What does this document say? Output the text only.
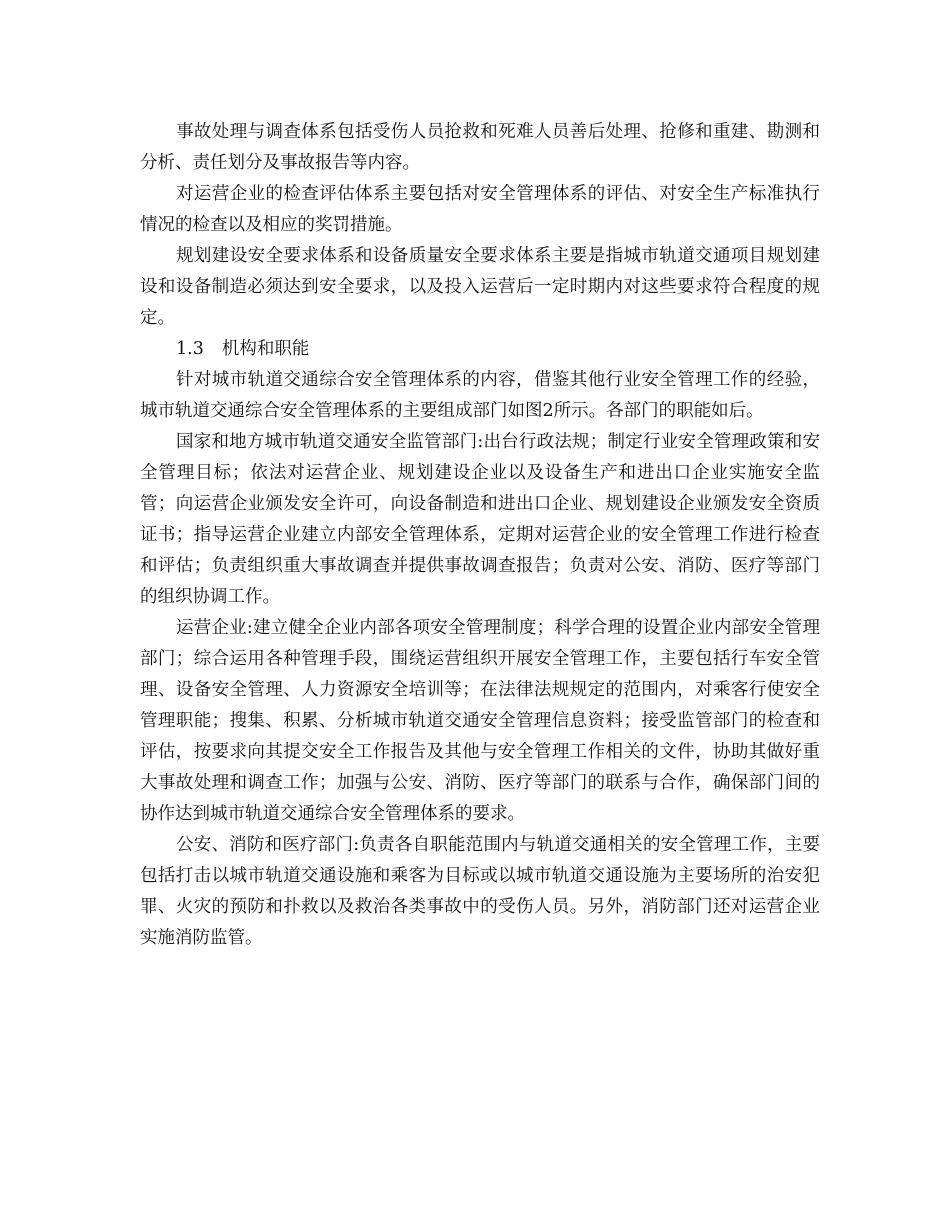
事故处理与调查体系包括受伤人员抢救和死难人员善后处理、抢修和重建、勘测和分析、责任划分及事故报告等内容。

对运营企业的检查评估体系主要包括对安全管理体系的评估、对安全生产标准执行情况的检查以及相应的奖罚措施。

规划建设安全要求体系和设备质量安全要求体系主要是指城市轨道交通项目规划建设和设备制造必须达到安全要求，以及投入运营后一定时期内对这些要求符合程度的规定。

1.3 机构和职能

针对城市轨道交通综合安全管理体系的内容，借鉴其他行业安全管理工作的经验，城市轨道交通综合安全管理体系的主要组成部门如图2所示。各部门的职能如后。

国家和地方城市轨道交通安全监管部门:出台行政法规；制定行业安全管理政策和安全管理目标；依法对运营企业、规划建设企业以及设备生产和进出口企业实施安全监管；向运营企业颁发安全许可，向设备制造和进出口企业、规划建设企业颁发安全资质证书；指导运营企业建立内部安全管理体系，定期对运营企业的安全管理工作进行检查和评估；负责组织重大事故调查并提供事故调查报告；负责对公安、消防、医疗等部门的组织协调工作。

运营企业:建立健全企业内部各项安全管理制度；科学合理的设置企业内部安全管理部门；综合运用各种管理手段，围绕运营组织开展安全管理工作，主要包括行车安全管理、设备安全管理、人力资源安全培训等；在法律法规规定的范围内，对乘客行使安全管理职能；搜集、积累、分析城市轨道交通安全管理信息资料；接受监管部门的检查和评估，按要求向其提交安全工作报告及其他与安全管理工作相关的文件，协助其做好重大事故处理和调查工作；加强与公安、消防、医疗等部门的联系与合作，确保部门间的协作达到城市轨道交通综合安全管理体系的要求。

公安、消防和医疗部门:负责各自职能范围内与轨道交通相关的安全管理工作，主要包括打击以城市轨道交通设施和乘客为目标或以城市轨道交通设施为主要场所的治安犯罪、火灾的预防和扑救以及救治各类事故中的受伤人员。另外，消防部门还对运营企业实施消防监管。
